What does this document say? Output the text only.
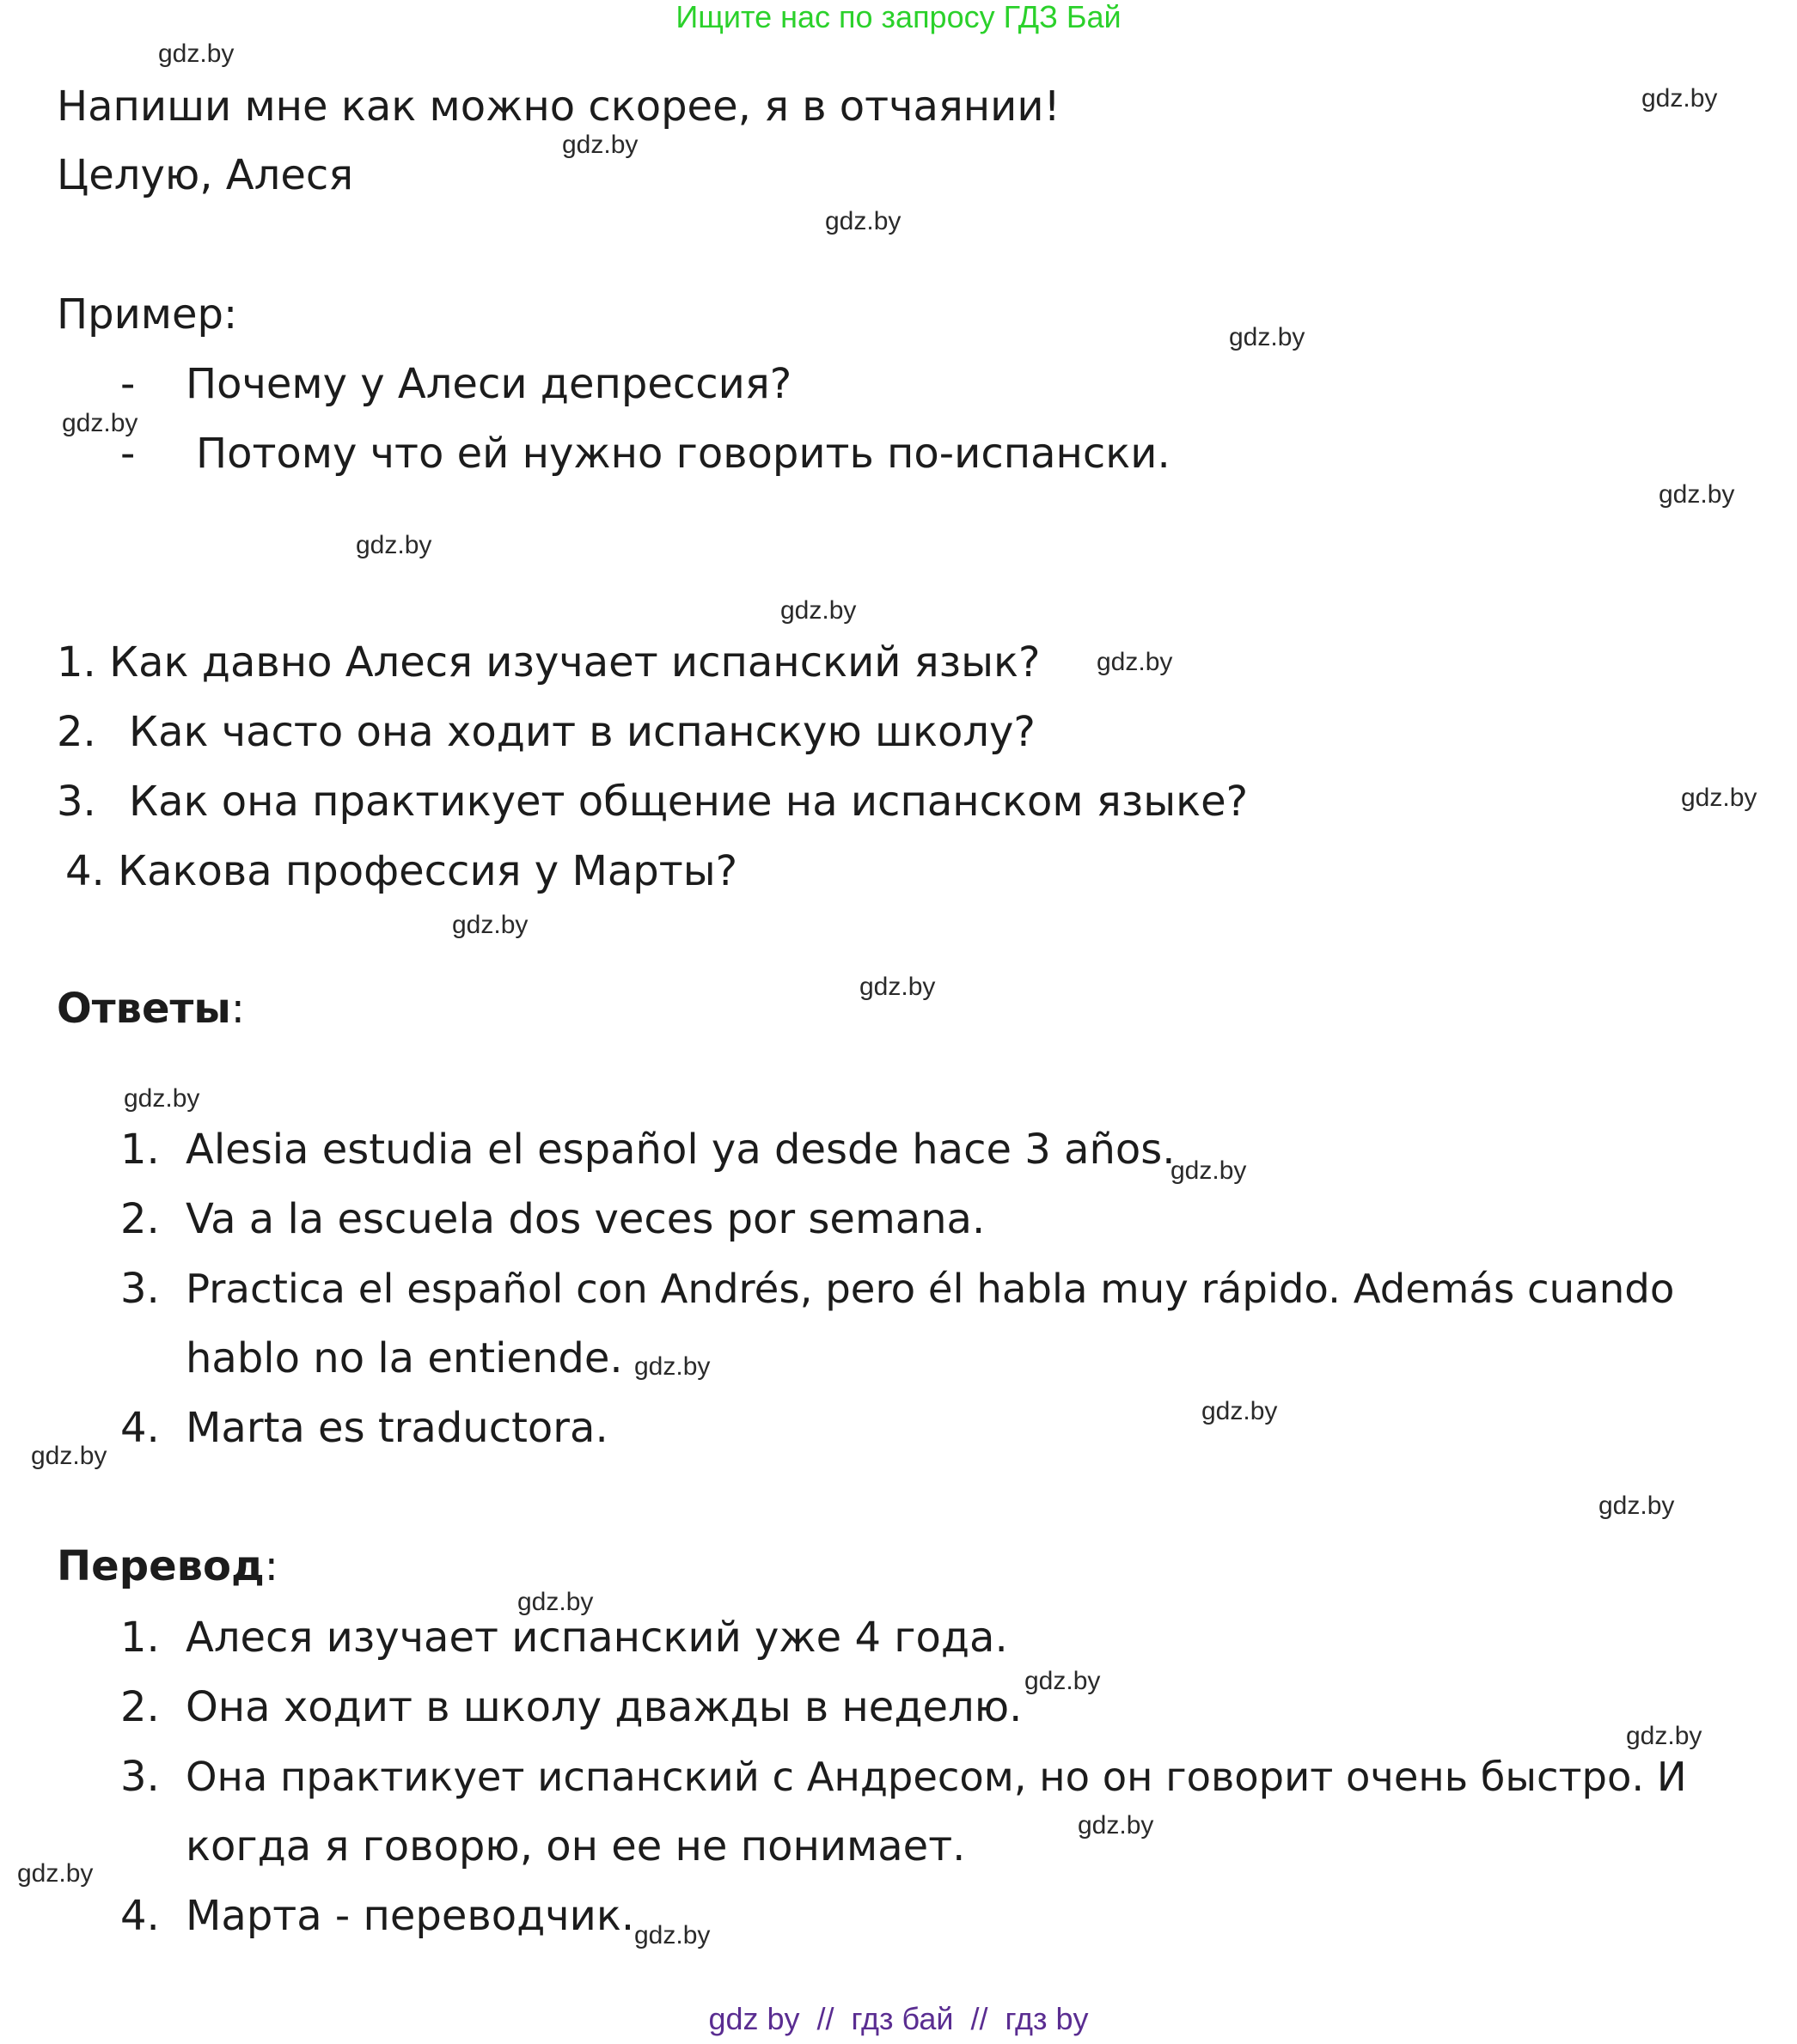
Ищите нас по запросу ГДЗ Бай
Напиши мне как можно скорее, я в отчаянии!
Целую, Алеся
Пример:
- Почему у Алеси депрессия?
- Потому что ей нужно говорить по-испански.
1. Как давно Алеся изучает испанский язык?
2. Как часто она ходит в испанскую школу?
3. Как она практикует общение на испанском языке?
4. Какова профессия у Марты?
Ответы:
1. Alesia estudia el español ya desde hace 3 años.
2. Va a la escuela dos veces por semana.
3. Practica el español con Andrés, pero él habla muy rápido. Además cuando
hablo no la entiende.
4. Marta es traductora.
Перевод:
1. Алеся изучает испанский уже 4 года.
2. Она ходит в школу дважды в неделю.
3. Она практикует испанский с Андресом, но он говорит очень быстро. И
когда я говорю, он ее не понимает.
4. Марта - переводчик.
gdz.by
gdz.by
gdz.by
gdz.by
gdz.by
gdz.by
gdz.by
gdz.by
gdz.by
gdz.by
gdz.by
gdz.by
gdz.by
gdz.by
gdz.by
gdz.by
gdz.by
gdz.by
gdz.by
gdz.by
gdz.by
gdz.by
gdz.by
gdz.by
gdz.by
gdz by  //  гдз бай  //  гдз by
